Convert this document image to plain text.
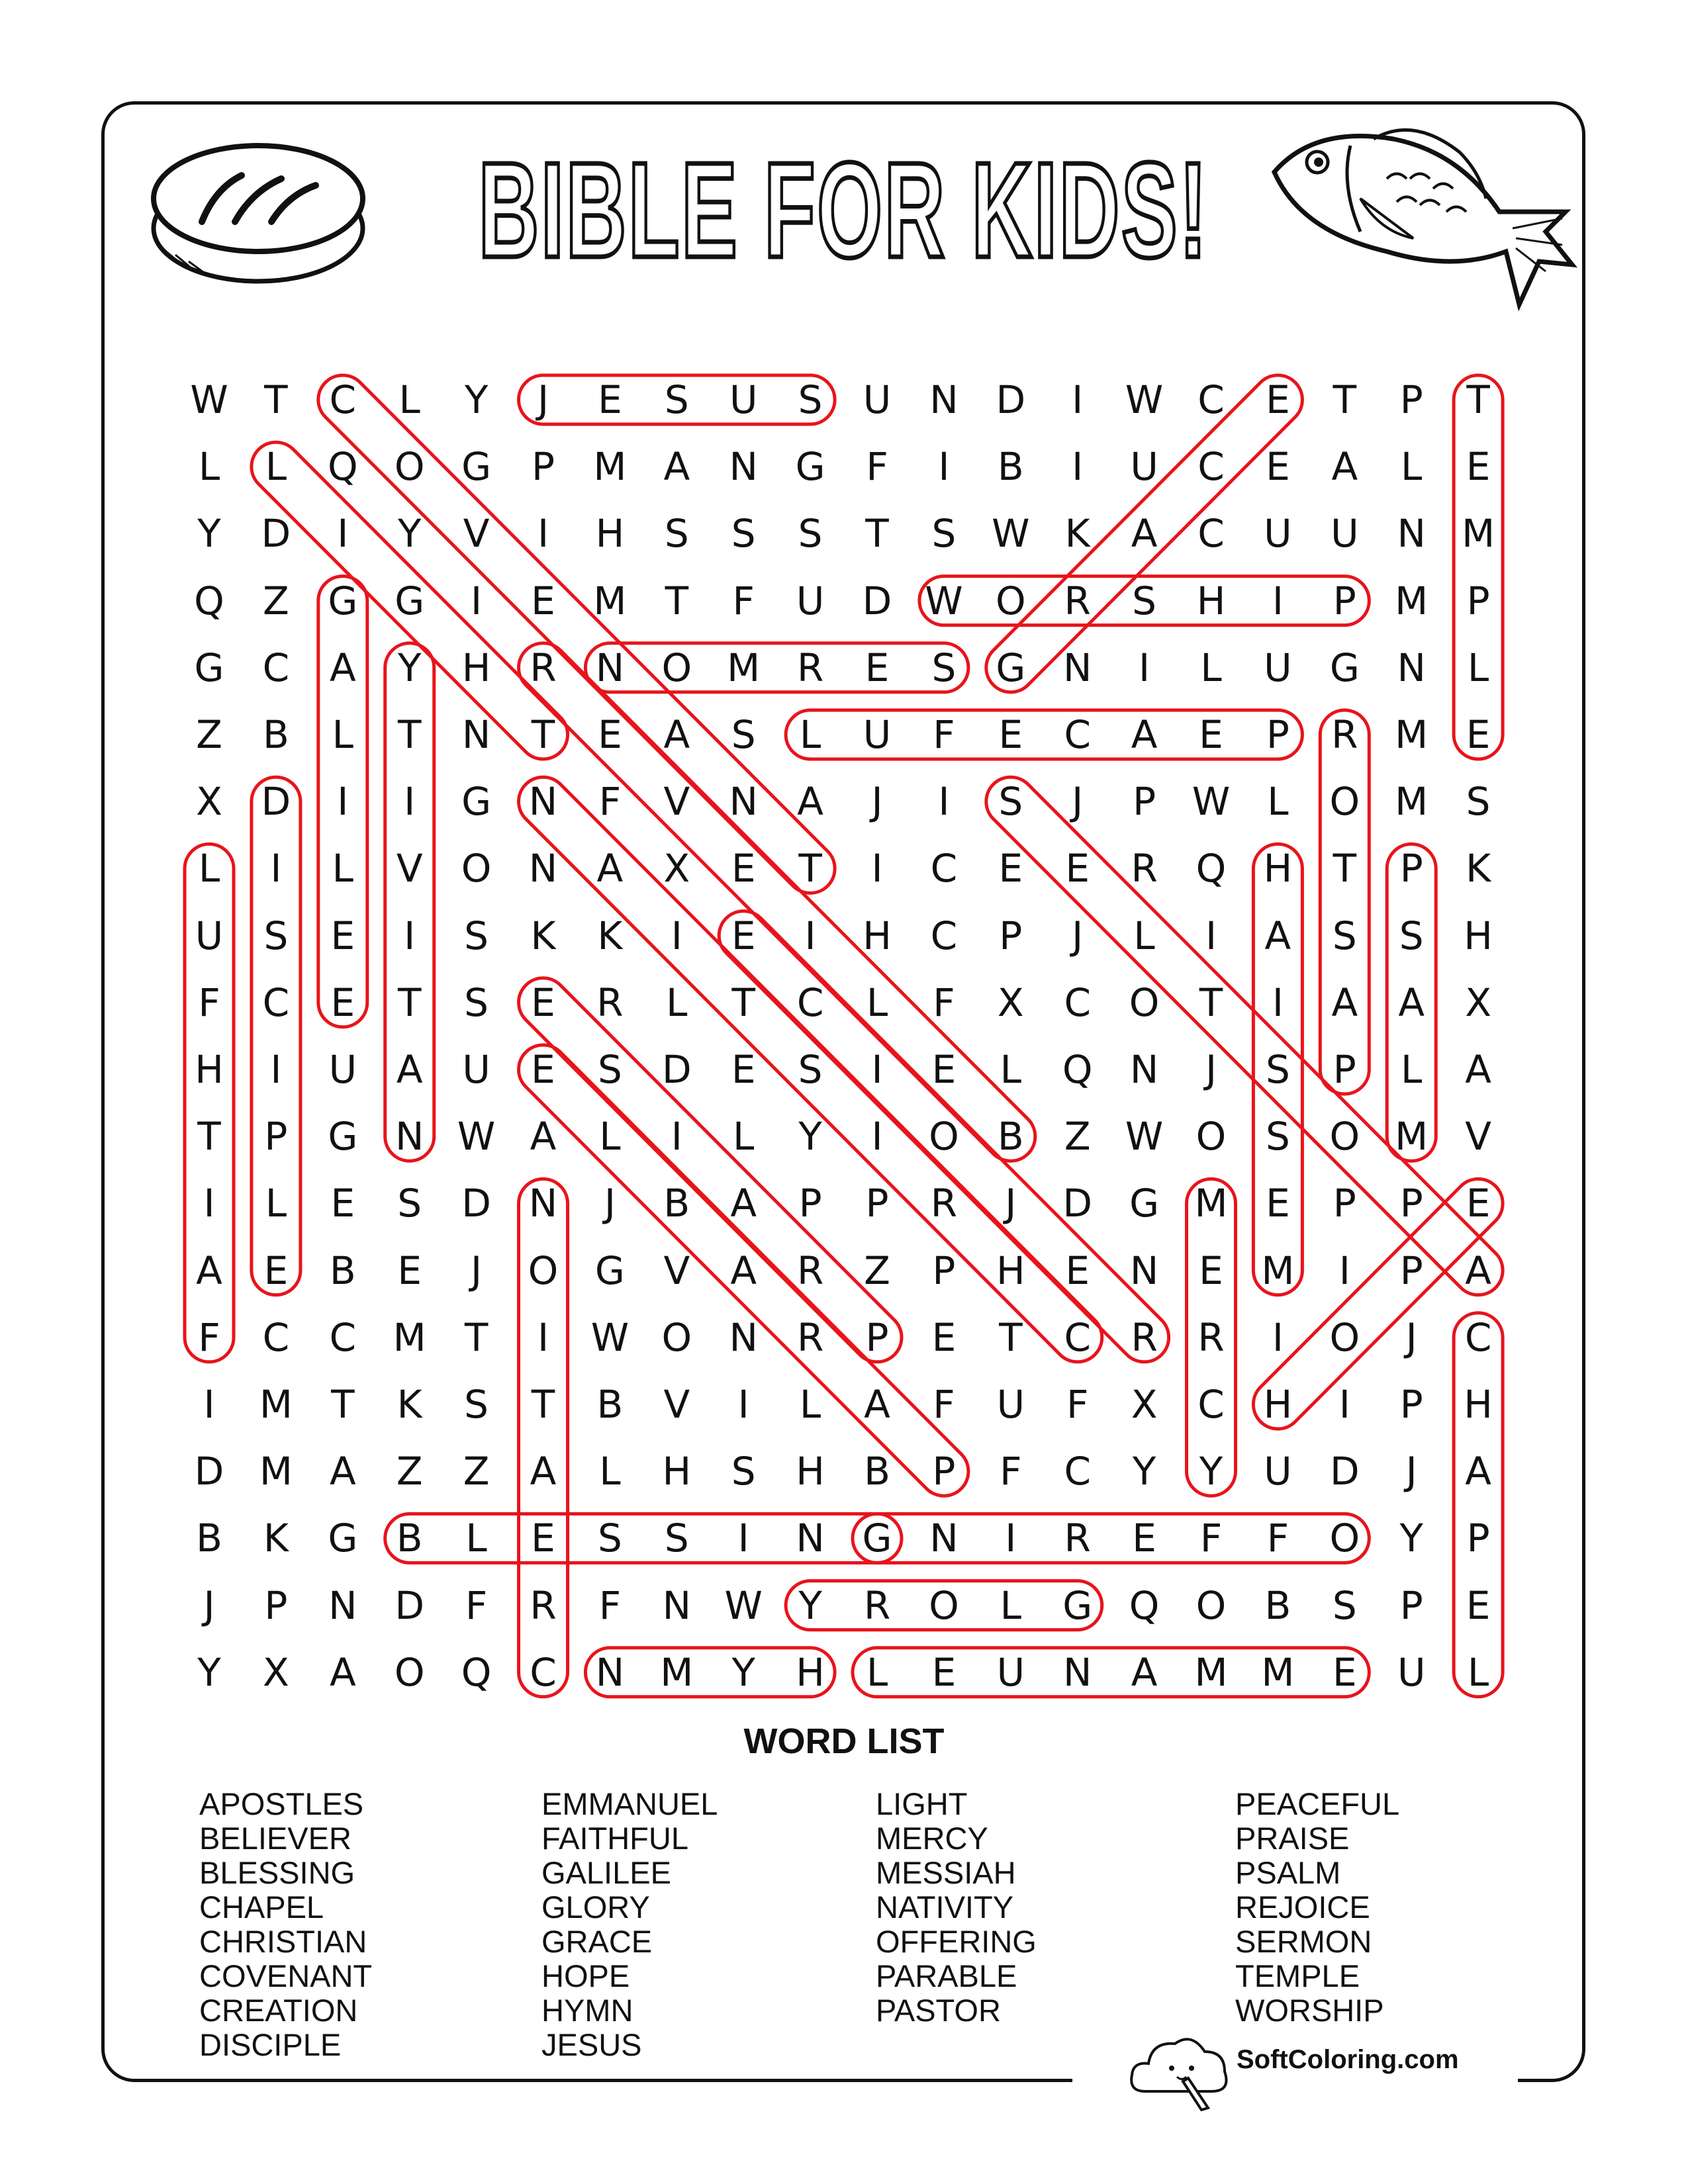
BIBLE FOR KIDS!
W T	C	L	Y	J	E	S	U	S	U N D	I	W C	E	T	P	T
L	L	Q O G	P	M A	N G	F	I	B	I	U	C	E	A	L	E
Y	D	I	Y	V	I	H	S	S	S	T	S W K	A	C	U	U N M
Q	Z	G G	I	E M	T	F	U D W O R	S	H	I	P	M	P
G	C	A	Y	H	R	N O M R	E	S	G N	I	L	U G N	L
Z	B	L	T	N	T	E	A	S	L	U	F	E	C	A	E	P	R M E
X	D	I	I	G N	F	V	N	A	J	I	S	J	P W L	O M S
L	I	L	V	O N	A	X	E	T	I	C	E	E	R Q H	T	P	K
U	S	E	I	S	K	K	I	E	I	H	C	P	J	L	I	A	S	S	H
F	C	E	T	S	E	R	L	T	C	L	F	X	C O	T	I	A	A	X
H	I	U	A	U	E	S	D	E	S	I	E	L	Q N	J	S	P	L	A
T	P	G N W A	L	I	L	Y	I	O	B	Z W O	S	O M V
I	L	E	S	D N	J	B	A	P	P	R	J	D G M E	P	P	E
A	E	B	E	J	O G	V	A	R	Z	P	H	E	N	E M	I	P	A
F	C	C M	T	I	W O N	R	P	E	T	C	R	R	I	O	J	C
I	M	T	K	S	T	B	V	I	L	A	F	U	F	X	C	H	I	P	H
D M A	Z	Z	A	L	H	S	H	B	P	F	C	Y	Y	U D	J	A
B	K	G	B	L	E	S	S	I	N G N	I	R	E	F	F	O	Y	P
J	P	N D	F	R	F	N W Y	R O	L	G Q O	B	S	P	E
Y	X	A	O Q C	N M	Y	H	L	E	U N	A M M E	U	L
WORD LIST
APOSTLES
BELIEVER
BLESSING
CHAPEL
CHRISTIAN
COVENANT
CREATION
DISCIPLE
EMMANUEL
FAITHFUL
GALILEE
GLORY
GRACE
HOPE
HYMN
JESUS
LIGHT
MERCY
MESSIAH
NATIVITY
OFFERING
PARABLE
PASTOR
PEACEFUL
PRAISE
PSALM
REJOICE
SERMON
TEMPLE
WORSHIP
SoftColoring.com
